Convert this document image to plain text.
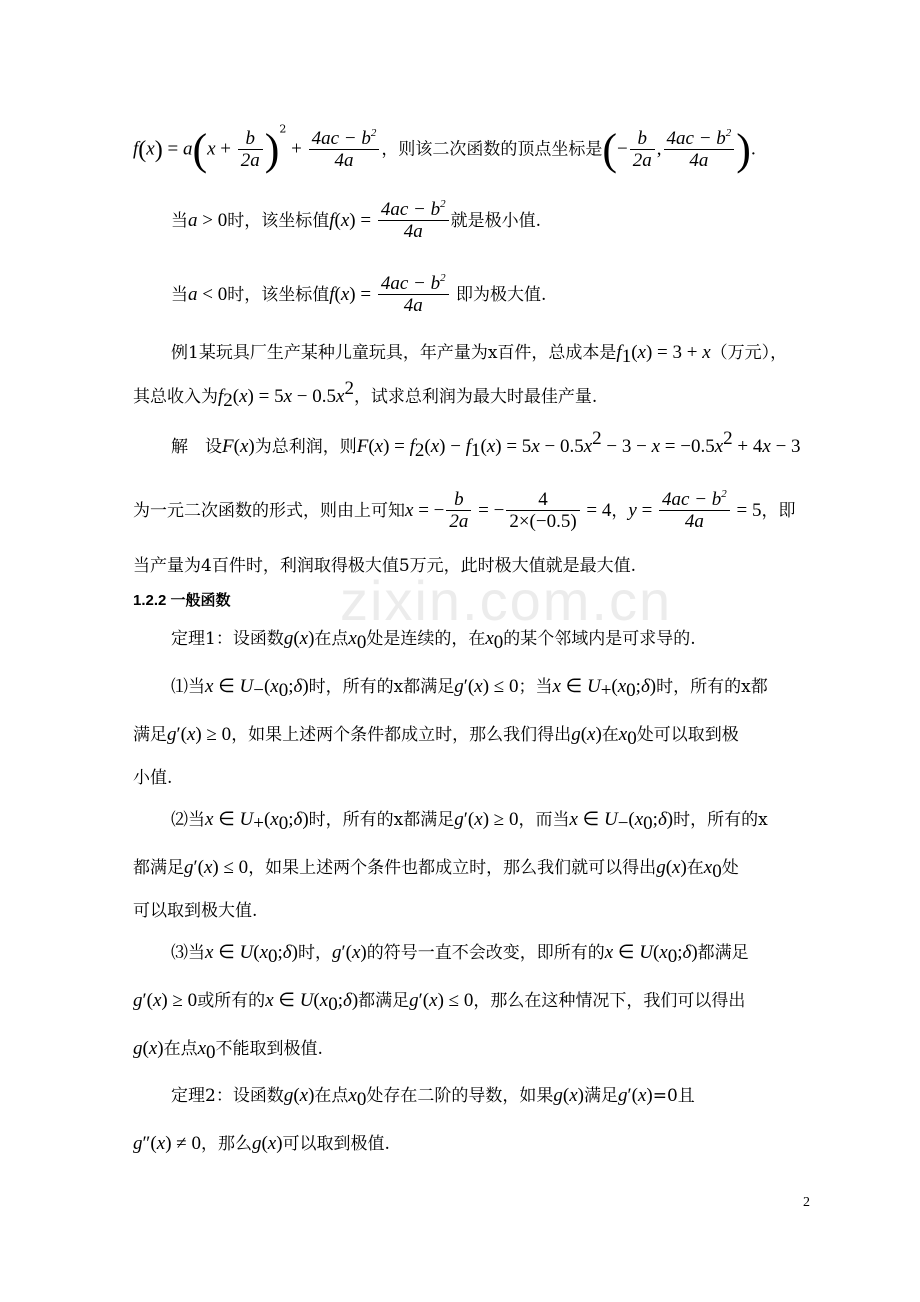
zixin.com.cn
$f(x) = a(x + \frac{b}{2a} )^2 + \frac{4ac - b^2}{4a}$ ，则该二次函数的顶点坐标是(− $\frac{b}{2a}$ , $\frac{4ac - b^2}{4a}$ ).
当a > 0时，该坐标值$f(x) = \frac{4ac - b^2}{4a}$ 就是极小值.
当a < 0时，该坐标值$f(x) = \frac{4ac - b^2}{4a}$ 即为极大值.
例1某玩具厂生产某种儿童玩具，年产量为x百件，总成本是$f_1(x) = 3 + x$（万元），
其总收入为$f_2(x) = 5x - 0.5x^2$，试求总利润为最大时最佳产量.
解　设F(x)为总利润，则$F(x) = f_2(x) - f_1(x) = 5x - 0.5x^2 - 3 - x = -0.5x^2 + 4x - 3$
为一元二次函数的形式，则由上可知x = − $\frac{b}{2a}$ = − $\frac{4}{2\times(-0.5)} = 4$，$y = \frac{4ac - b^2}{4a} = 5$，即
当产量为4百件时，利润取得极大值5万元，此时极大值就是最大值.
1.2.2 一般函数
定理1：设函数g(x)在点$x_0$处是连续的，在$x_0$的某个邻域内是可求导的.
⑴当x ∈ $U_-(x_0;\delta)$时，所有的x都满足g′(x) ≤ 0；当x ∈ $U_+(x_0;\delta)$时，所有的x都
满足g′(x) ≥ 0，如果上述两个条件都成立时，那么我们得出g(x)在$x_0$处可以取到极
小值.
⑵当x ∈ $U_+(x_0;\delta)$时，所有的x都满足g′(x) ≥ 0，而当x ∈ $U_-(x_0;\delta)$时，所有的x
都满足g′(x) ≤ 0，如果上述两个条件也都成立时，那么我们就可以得出g(x)在$x_0$处
可以取到极大值.
⑶当x ∈ $U(x_0;\delta)$时，g′(x)的符号一直不会改变，即所有的x ∈ $U(x_0;\delta)$都满足
g′(x) ≥ 0或所有的x ∈ $U(x_0;\delta)$都满足g′(x) ≤ 0，那么在这种情况下，我们可以得出
g(x)在点$x_0$不能取到极值.
定理2：设函数g(x)在点$x_0$处存在二阶的导数，如果g(x)满足g′(x)=0且
g″(x) ≠ 0，那么g(x)可以取到极值.
2
